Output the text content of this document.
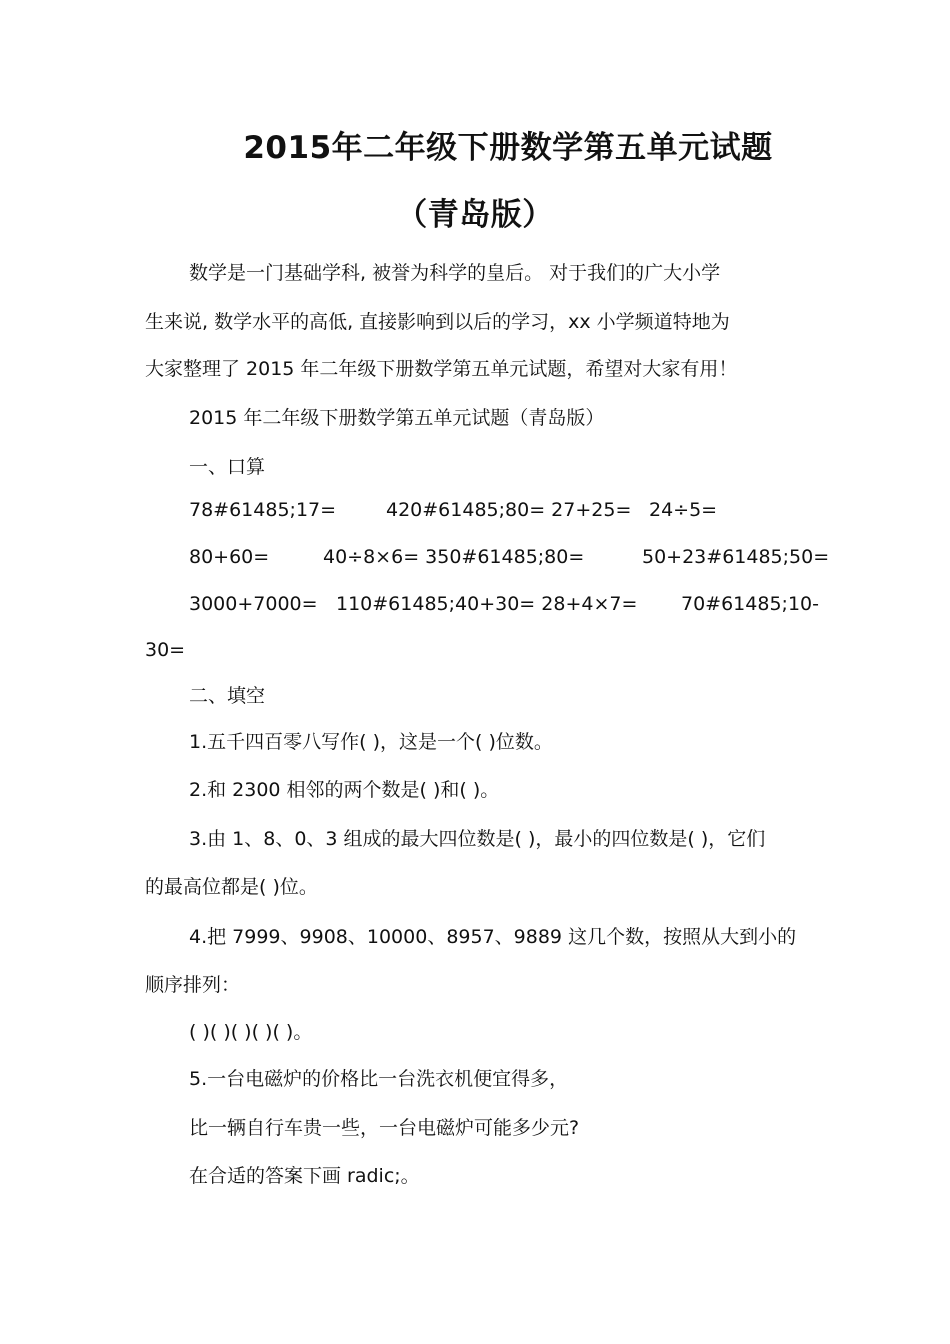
2015年二年级下册数学第五单元试题
（青岛版）
数学是一门基础学科, 被誉为科学的皇后。 对于我们的广大小学
生来说, 数学水平的高低, 直接影响到以后的学习，xx 小学频道特地为
大家整理了 2015 年二年级下册数学第五单元试题，希望对大家有用！
2015 年二年级下册数学第五单元试题（青岛版）
一、口算
78#61485;17=	420#61485;80= 27+25= 24÷5=
80+60=	40÷8×6= 350#61485;80=	50+23#61485;50=
3000+7000= 110#61485;40+30= 28+4×7= 70#61485;10-
30=
二、填空
1.五千四百零八写作( )，这是一个( )位数。
2.和 2300 相邻的两个数是( )和( )。
3.由 1、8、0、3 组成的最大四位数是( )，最小的四位数是( )，它们
的最高位都是( )位。
4.把 7999、9908、10000、8957、9889 这几个数，按照从大到小的
顺序排列：
( )( )( )( )( )。
5.一台电磁炉的价格比一台洗衣机便宜得多，
比一辆自行车贵一些，一台电磁炉可能多少元?
在合适的答案下画 radic;。
